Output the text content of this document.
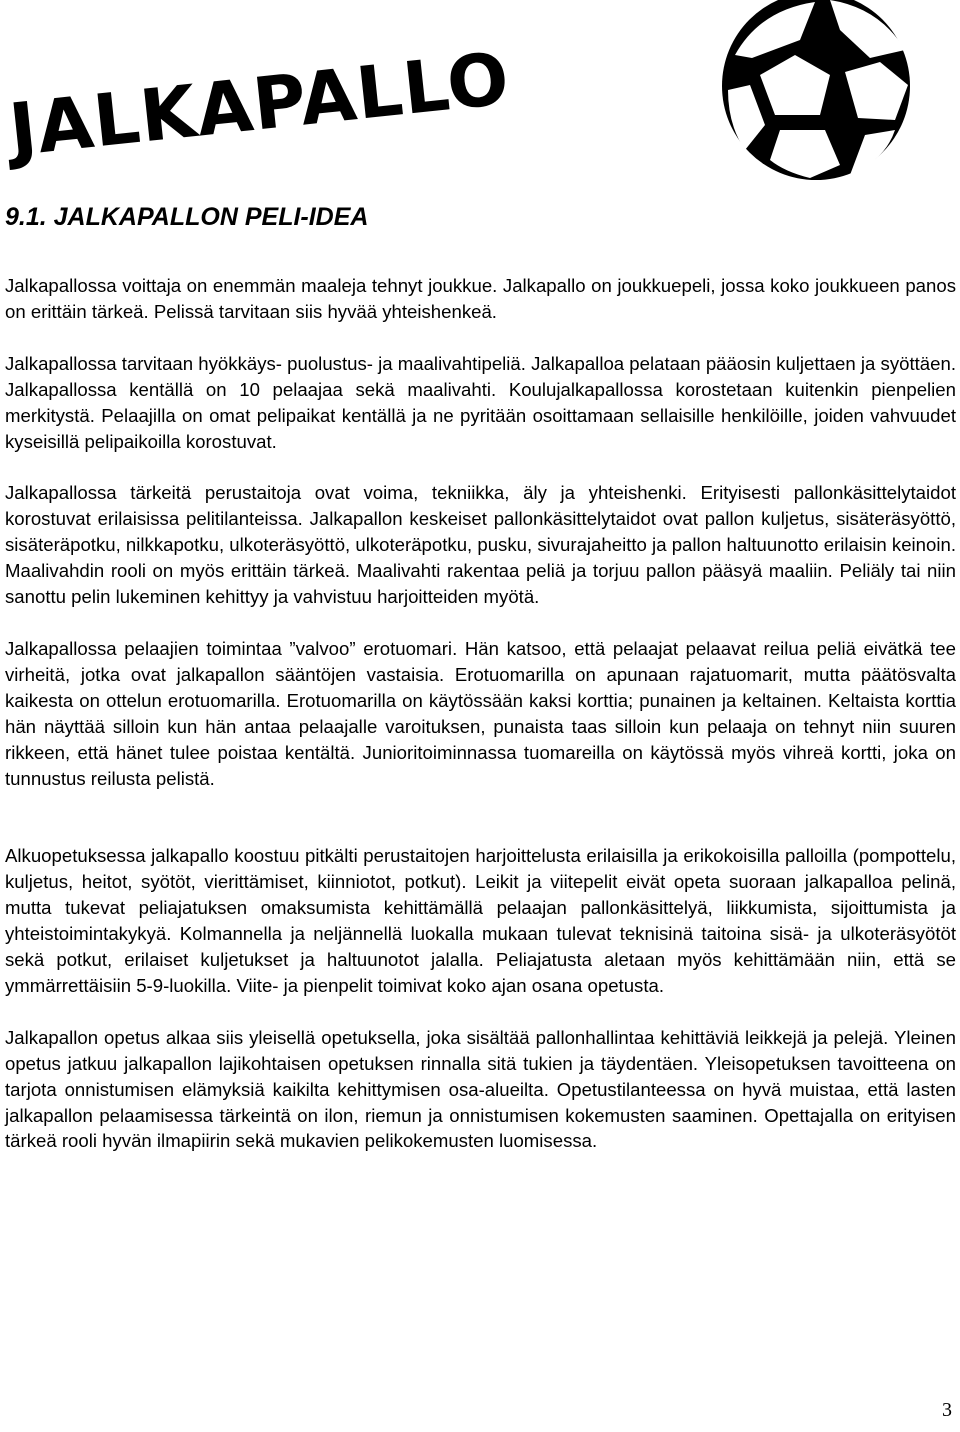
JALKAPALLO
9.1. JALKAPALLON PELI-IDEA

Jalkapallossa voittaja on enemmän maaleja tehnyt joukkue. Jalkapallo on joukkuepeli, jossa koko joukkueen panos on erittäin tärkeä. Pelissä tarvitaan siis hyvää yhteishenkeä.

Jalkapallossa tarvitaan hyökkäys- puolustus- ja maalivahtipeliä. Jalkapalloa pelataan pääosin kuljettaen ja syöttäen. Jalkapallossa kentällä on 10 pelaajaa sekä maalivahti. Koulujalkapallossa korostetaan kuitenkin pienpelien merkitystä. Pelaajilla on omat pelipaikat kentällä ja ne pyritään osoittamaan sellaisille henkilöille, joiden vahvuudet kyseisillä pelipaikoilla korostuvat.

Jalkapallossa tärkeitä perustaitoja ovat voima, tekniikka, äly ja yhteishenki. Erityisesti pallonkäsittelytaidot korostuvat erilaisissa pelitilanteissa. Jalkapallon keskeiset pallonkäsittelytaidot ovat pallon kuljetus, sisäteräsyöttö, sisäteräpotku, nilkkapotku, ulkoteräsyöttö, ulkoteräpotku, pusku, sivurajaheitto ja pallon haltuunotto erilaisin keinoin. Maalivahdin rooli on myös erittäin tärkeä. Maalivahti rakentaa peliä ja torjuu pallon pääsyä maaliin. Peliäly tai niin sanottu pelin lukeminen kehittyy ja vahvistuu harjoitteiden myötä.

Jalkapallossa pelaajien toimintaa ”valvoo” erotuomari. Hän katsoo, että pelaajat pelaavat reilua peliä eivätkä tee virheitä, jotka ovat jalkapallon sääntöjen vastaisia. Erotuomarilla on apunaan rajatuomarit, mutta päätösvalta kaikesta on ottelun erotuomarilla. Erotuomarilla on käytössään kaksi korttia; punainen ja keltainen. Keltaista korttia hän näyttää silloin kun hän antaa pelaajalle varoituksen, punaista taas silloin kun pelaaja on tehnyt niin suuren rikkeen, että hänet tulee poistaa kentältä. Junioritoiminnassa tuomareilla on käytössä myös vihreä kortti, joka on tunnustus reilusta pelistä.

Alkuopetuksessa jalkapallo koostuu pitkälti perustaitojen harjoittelusta erilaisilla ja erikokoisilla palloilla (pompottelu, kuljetus, heitot, syötöt, vierittämiset, kiinniotot, potkut). Leikit ja viitepelit eivät opeta suoraan jalkapalloa pelinä, mutta tukevat peliajatuksen omaksumista kehittämällä pelaajan pallonkäsittelyä, liikkumista, sijoittumista ja yhteistoimintakykyä. Kolmannella ja neljännellä luokalla mukaan tulevat teknisinä taitoina sisä- ja ulkoteräsyötöt sekä potkut, erilaiset kuljetukset ja haltuunotot jalalla. Peliajatusta aletaan myös kehittämään niin, että se ymmärrettäisiin 5-9-luokilla. Viite- ja pienpelit toimivat koko ajan osana opetusta.

Jalkapallon opetus alkaa siis yleisellä opetuksella, joka sisältää pallonhallintaa kehittäviä leikkejä ja pelejä. Yleinen opetus jatkuu jalkapallon lajikohtaisen opetuksen rinnalla sitä tukien ja täydentäen. Yleisopetuksen tavoitteena on tarjota onnistumisen elämyksiä kaikilta kehittymisen osa-alueilta. Opetustilanteessa on hyvä muistaa, että lasten jalkapallon pelaamisessa tärkeintä on ilon, riemun ja onnistumisen kokemusten saaminen. Opettajalla on erityisen tärkeä rooli hyvän ilmapiirin sekä mukavien pelikokemusten luomisessa.

3
